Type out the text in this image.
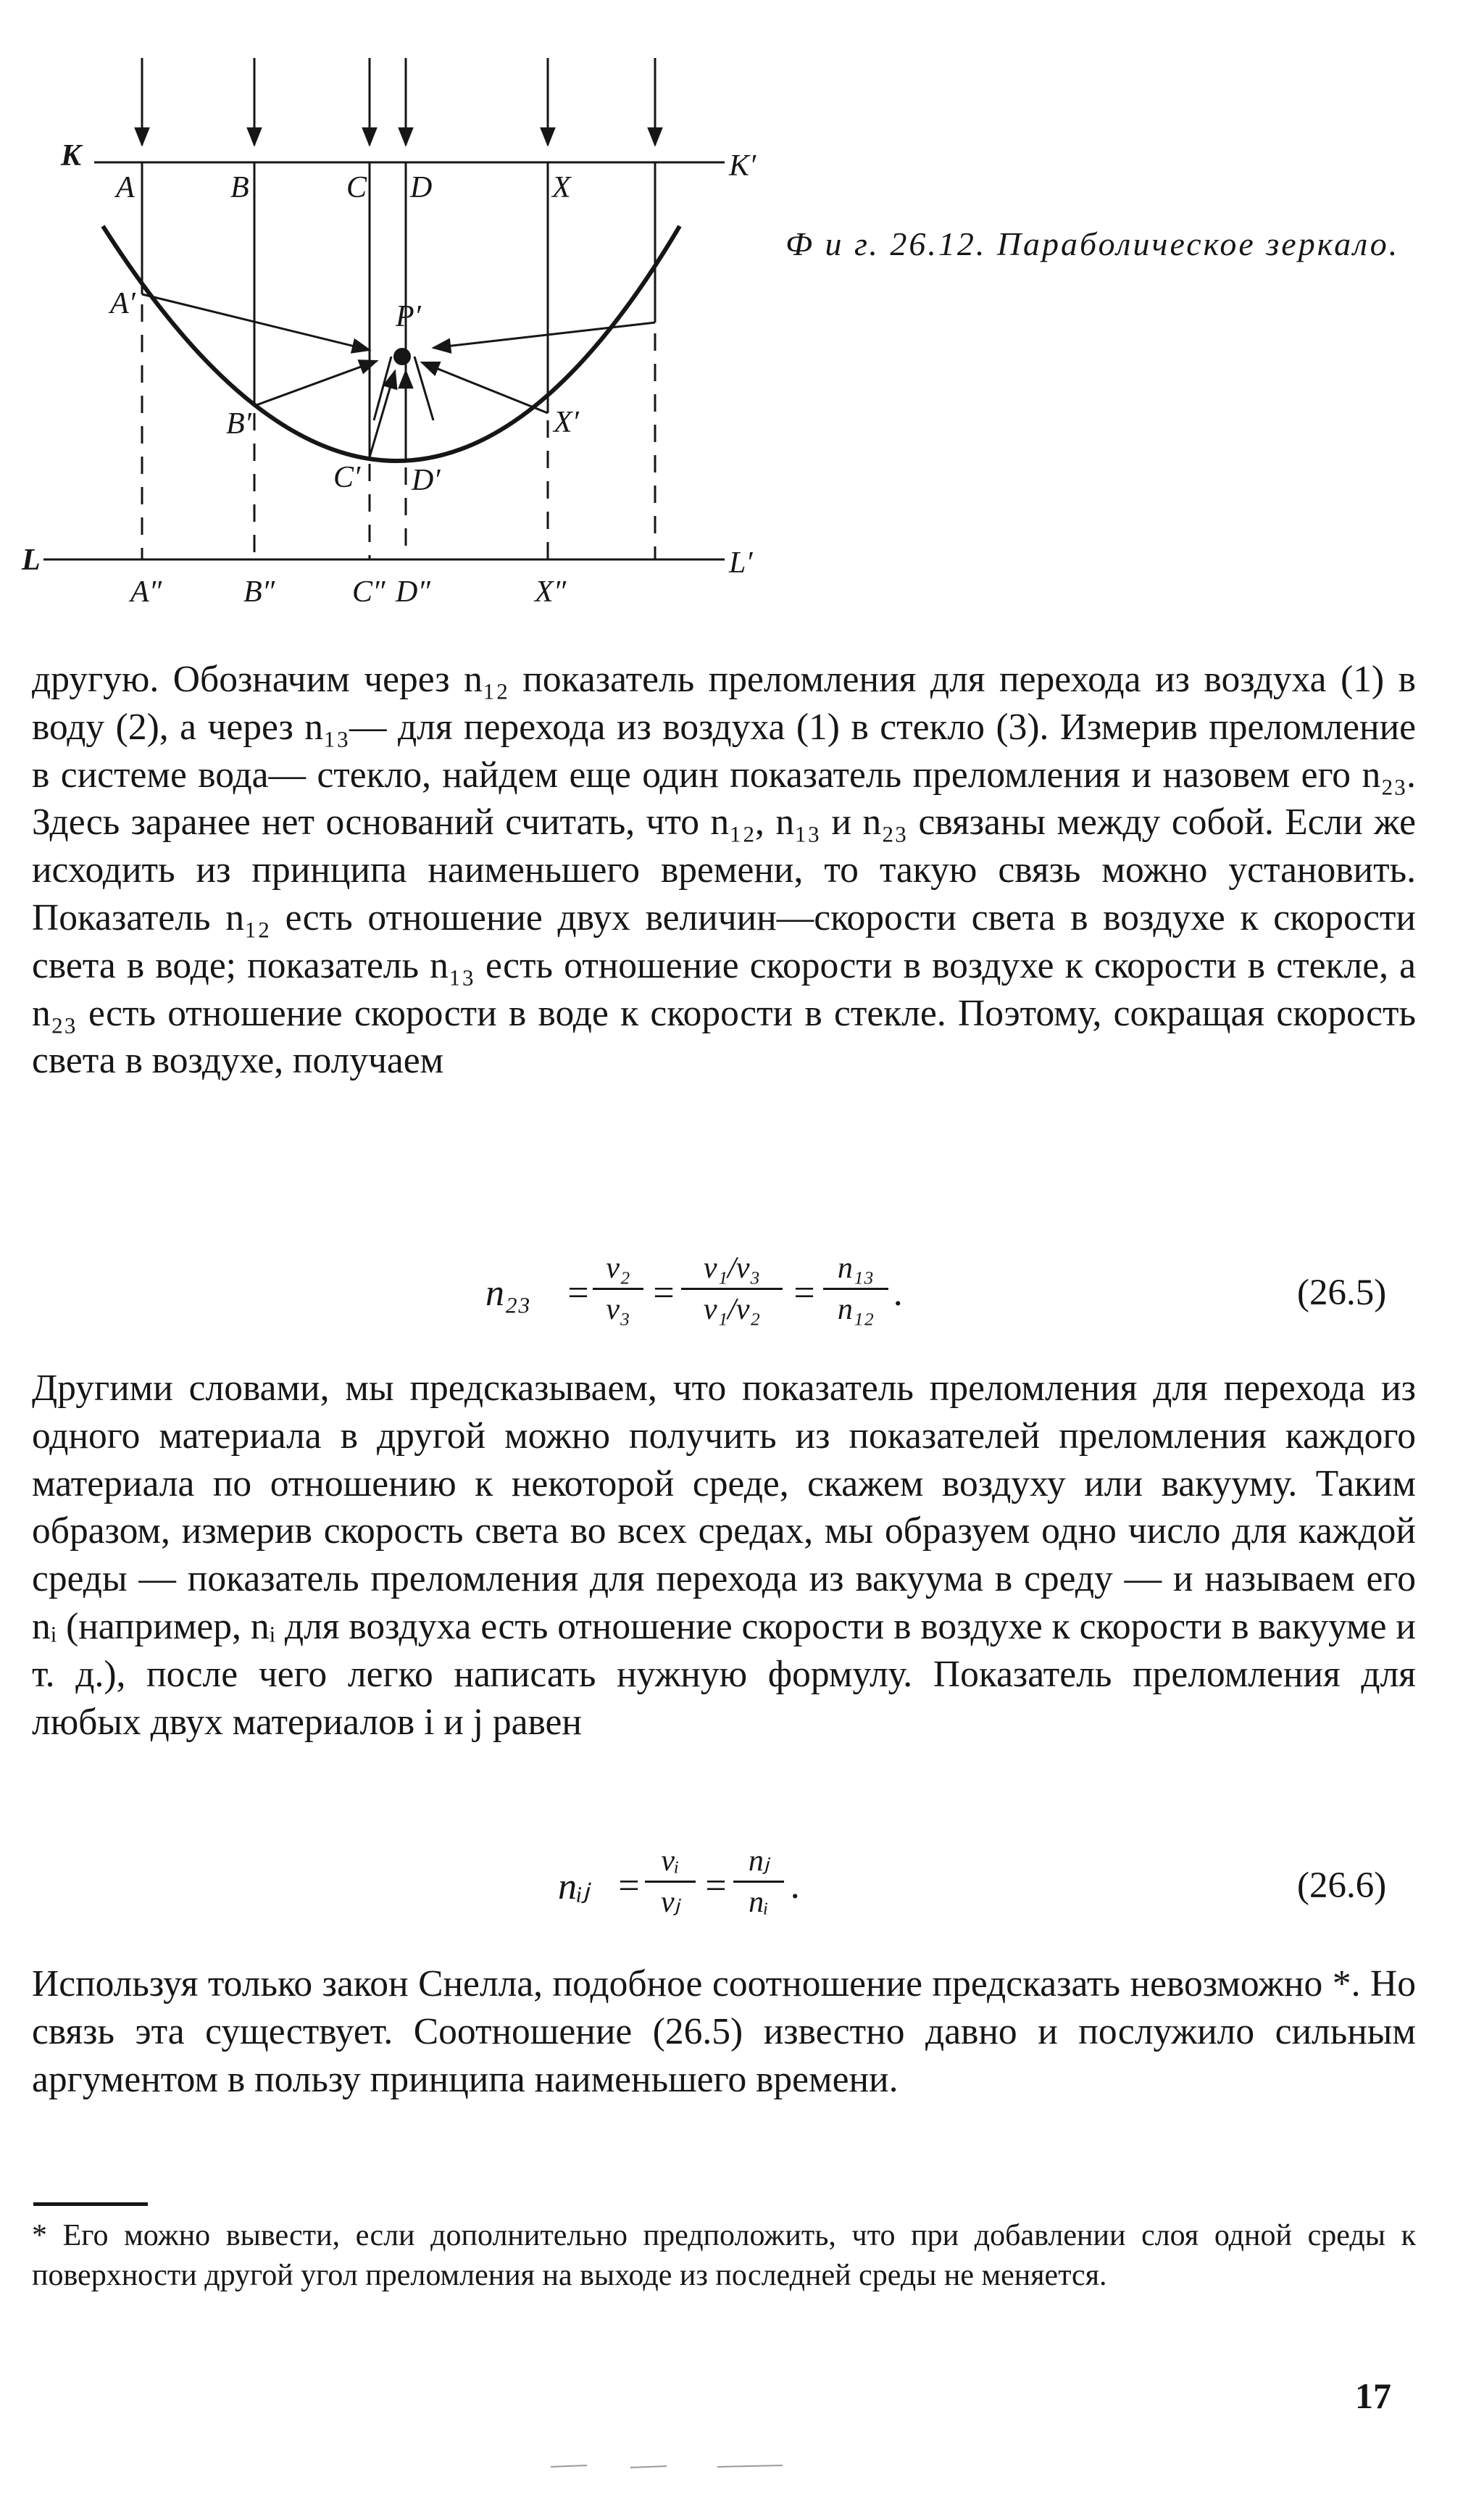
K	K′
L	L′
A	B	C D	X
A′	P′
B′	X′
C′ D′
A″	B″	C″ D″	X″
Ф и г. 26.12. Параболическое зеркало.

другую. Обозначим через n₁₂ показатель преломления для перехода из воздуха (1) в воду (2), а через n₁₃— для перехода из воздуха (1) в стекло (3). Измерив преломление в системе вода— стекло, найдем еще один показатель преломления и назовем его n₂₃. Здесь заранее нет оснований считать, что n₁₂, n₁₃ и n₂₃ связаны между собой. Если же исходить из принципа наименьшего времени, то такую связь можно установить. Показатель n₁₂ есть отношение двух величин—скорости света в воздухе к скорости света в воде; показатель n₁₃ есть отношение скорости в воздухе к скорости в стекле, а n₂₃ есть отношение скорости в воде к скорости в стекле. Поэтому, сокращая скорость света в воздухе, получаем

n₂₃ =
v₂
v₃ =
v₁/v₃
v₁/v₂ =
n₁₃
n₁₂ .	(26.5)

Другими словами, мы предсказываем, что показатель преломления для перехода из одного материала в другой можно получить из показателей преломления каждого материала по отношению к некоторой среде, скажем воздуху или вакууму. Таким образом, измерив скорость света во всех средах, мы образуем одно число для каждой среды — показатель преломления для перехода из вакуума в среду — и называем его nᵢ (например, nᵢ для воздуха есть отношение скорости в воздухе к скорости в вакууме и т. д.), после чего легко написать нужную формулу. Показатель преломления для любых двух материалов i и j равен

nᵢⱼ =
vᵢ
vⱼ =
nⱼ
nᵢ .	(26.6)

Используя только закон Снелла, подобное соотношение предсказать невозможно *. Но связь эта существует. Соотношение (26.5) известно давно и послужило сильным аргументом в пользу принципа наименьшего времени.

* Его можно вывести, если дополнительно предположить, что при добавлении слоя одной среды к поверхности другой угол преломления на выходе из последней среды не меняется.

17
